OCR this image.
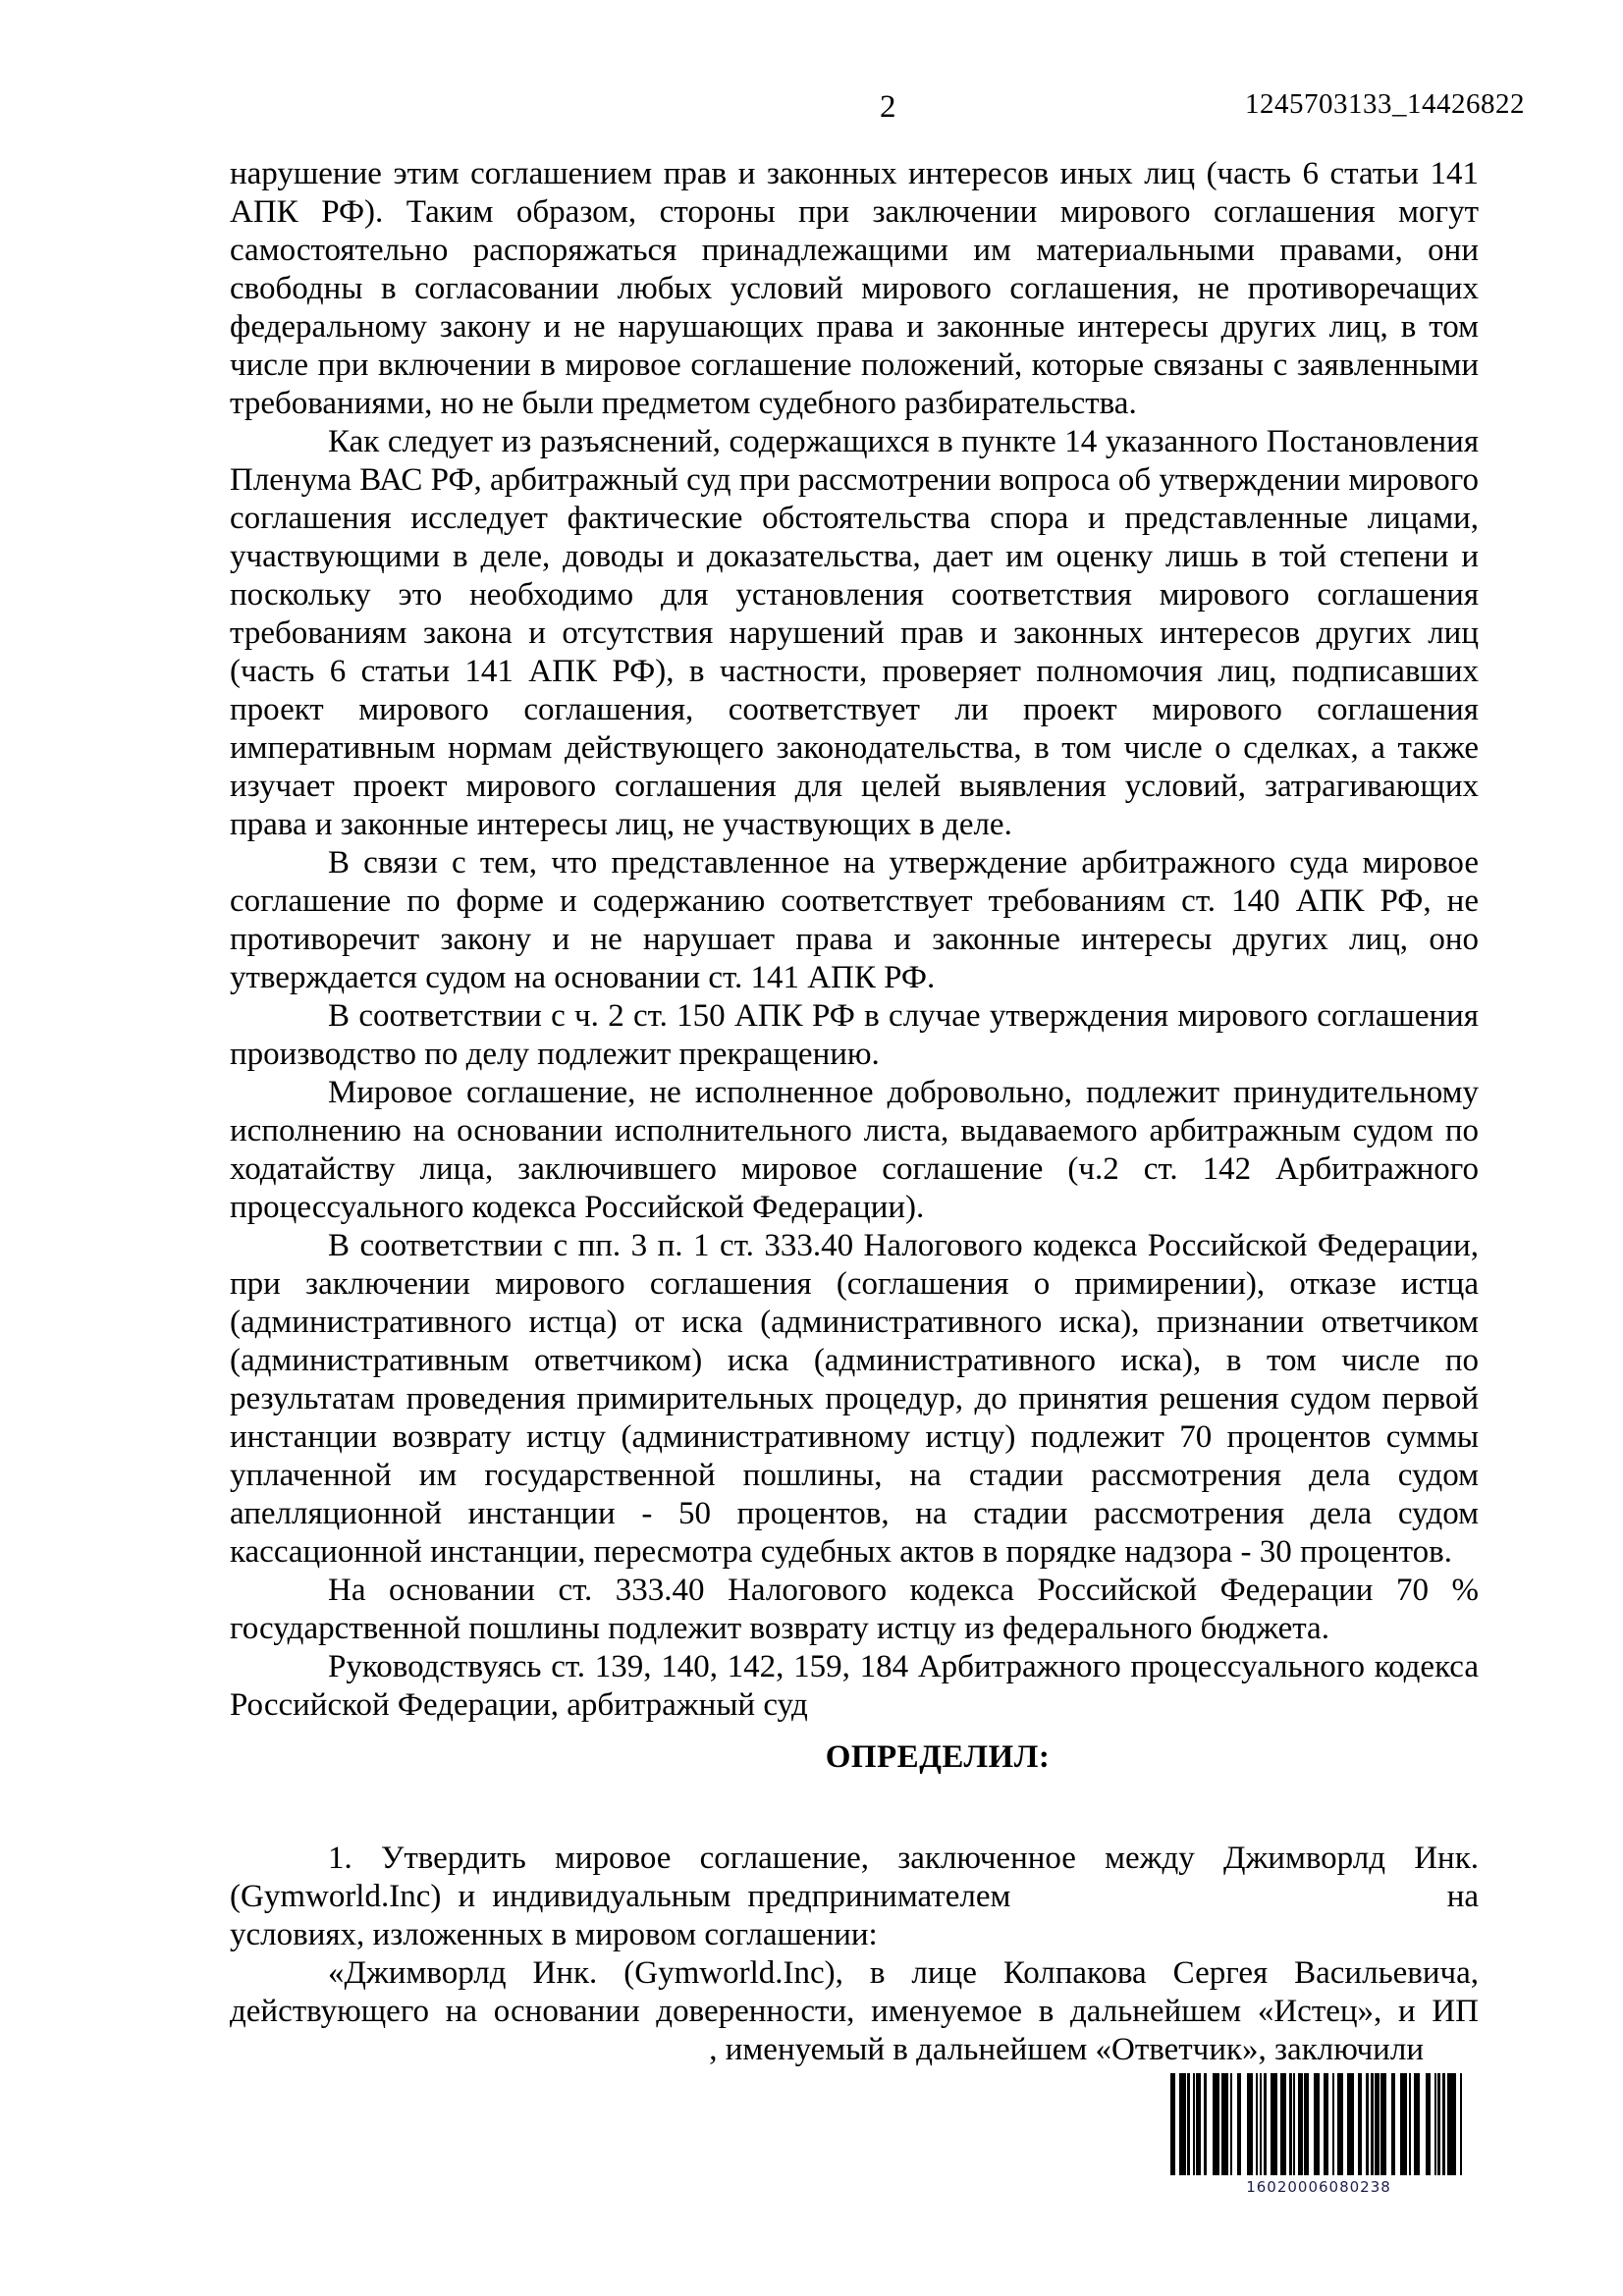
2	1245703133_14426822

нарушение этим соглашением прав и законных интересов иных лиц (часть 6 статьи 141 АПК РФ). Таким образом, стороны при заключении мирового соглашения могут самостоятельно распоряжаться принадлежащими им материальными правами, они свободны в согласовании любых условий мирового соглашения, не противоречащих федеральному закону и не нарушающих права и законные интересы других лиц, в том числе при включении в мировое соглашение положений, которые связаны с заявленными требованиями, но не были предметом судебного разбирательства.

Как следует из разъяснений, содержащихся в пункте 14 указанного Постановления Пленума ВАС РФ, арбитражный суд при рассмотрении вопроса об утверждении мирового соглашения исследует фактические обстоятельства спора и представленные лицами, участвующими в деле, доводы и доказательства, дает им оценку лишь в той степени и поскольку это необходимо для установления соответствия мирового соглашения требованиям закона и отсутствия нарушений прав и законных интересов других лиц (часть 6 статьи 141 АПК РФ), в частности, проверяет полномочия лиц, подписавших проект мирового соглашения, соответствует ли проект мирового соглашения императивным нормам действующего законодательства, в том числе о сделках, а также изучает проект мирового соглашения для целей выявления условий, затрагивающих права и законные интересы лиц, не участвующих в деле.

В связи с тем, что представленное на утверждение арбитражного суда мировое соглашение по форме и содержанию соответствует требованиям ст. 140 АПК РФ, не противоречит закону и не нарушает права и законные интересы других лиц, оно утверждается судом на основании ст. 141 АПК РФ.

В соответствии с ч. 2 ст. 150 АПК РФ в случае утверждения мирового соглашения производство по делу подлежит прекращению.

Мировое соглашение, не исполненное добровольно, подлежит принудительному исполнению на основании исполнительного листа, выдаваемого арбитражным судом по ходатайству лица, заключившего мировое соглашение (ч.2 ст. 142 Арбитражного процессуального кодекса Российской Федерации).

В соответствии с пп. 3 п. 1 ст. 333.40 Налогового кодекса Российской Федерации, при заключении мирового соглашения (соглашения о примирении), отказе истца (административного истца) от иска (административного иска), признании ответчиком (административным ответчиком) иска (административного иска), в том числе по результатам проведения примирительных процедур, до принятия решения судом первой инстанции возврату истцу (административному истцу) подлежит 70 процентов суммы уплаченной им государственной пошлины, на стадии рассмотрения дела судом апелляционной инстанции - 50 процентов, на стадии рассмотрения дела судом кассационной инстанции, пересмотра судебных актов в порядке надзора - 30 процентов.

На основании ст. 333.40 Налогового кодекса Российской Федерации 70 % государственной пошлины подлежит возврату истцу из федерального бюджета.

Руководствуясь ст. 139, 140, 142, 159, 184 Арбитражного процессуального кодекса Российской Федерации, арбитражный суд

ОПРЕДЕЛИЛ:

1. Утвердить мировое соглашение, заключенное между Джимворлд Инк. (Gymworld.Inc) и индивидуальным предпринимателем	на условиях, изложенных в мировом соглашении:

«Джимворлд Инк. (Gymworld.Inc), в лице Колпакова Сергея Васильевича, действующего на основании доверенности, именуемое в дальнейшем «Истец», и ИП  , именуемый в дальнейшем «Ответчик», заключили

16020006080238
